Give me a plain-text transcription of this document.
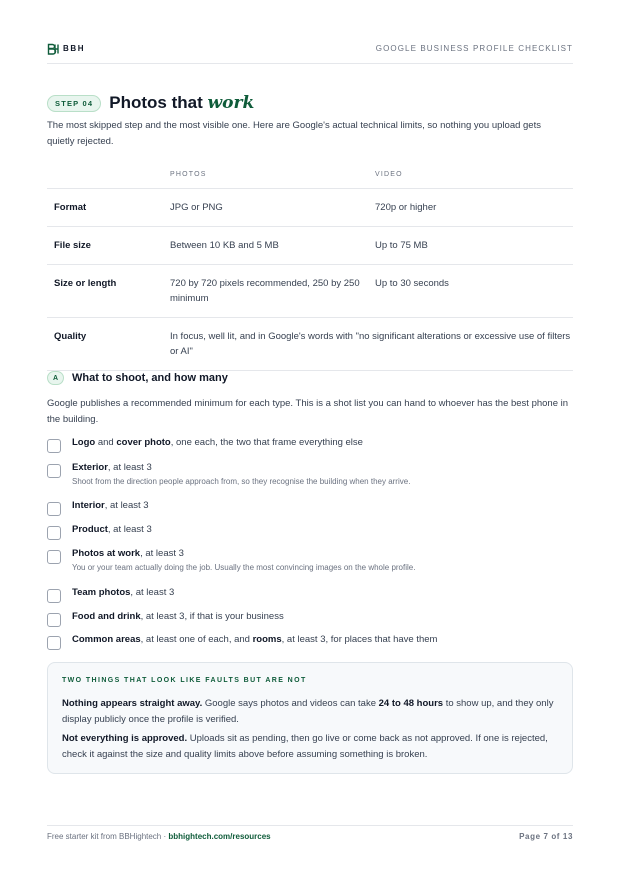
BBH	GOOGLE BUSINESS PROFILE CHECKLIST
STEP 04 Photos that work

The most skipped step and the most visible one. Here are Google's actual technical limits, so nothing you upload gets quietly rejected.

	PHOTOS	VIDEO
Format	JPG or PNG	720p or higher
File size	Between 10 KB and 5 MB	Up to 75 MB
Size or length	720 by 720 pixels recommended, 250 by 250 minimum	Up to 30 seconds
Quality	In focus, well lit, and in Google's words with "no significant alterations or excessive use of filters or AI"	
A	What to shoot, and how many

Google publishes a recommended minimum for each type. This is a shot list you can hand to whoever has the best phone in the building.

Logo and cover photo, one each, the two that frame everything else
Exterior, at least 3
Shoot from the direction people approach from, so they recognise the building when they arrive.
Interior, at least 3
Product, at least 3
Photos at work, at least 3
You or your team actually doing the job. Usually the most convincing images on the whole profile.
Team photos, at least 3
Food and drink, at least 3, if that is your business
Common areas, at least one of each, and rooms, at least 3, for places that have them
TWO THINGS THAT LOOK LIKE FAULTS BUT ARE NOT

Nothing appears straight away. Google says photos and videos can take 24 to 48 hours to show up, and they only display publicly once the profile is verified.

Not everything is approved. Uploads sit as pending, then go live or come back as not approved. If one is rejected, check it against the size and quality limits above before assuming something is broken.

Free starter kit from BBHightech · bbhightech.com/resources	Page 7 of 13
